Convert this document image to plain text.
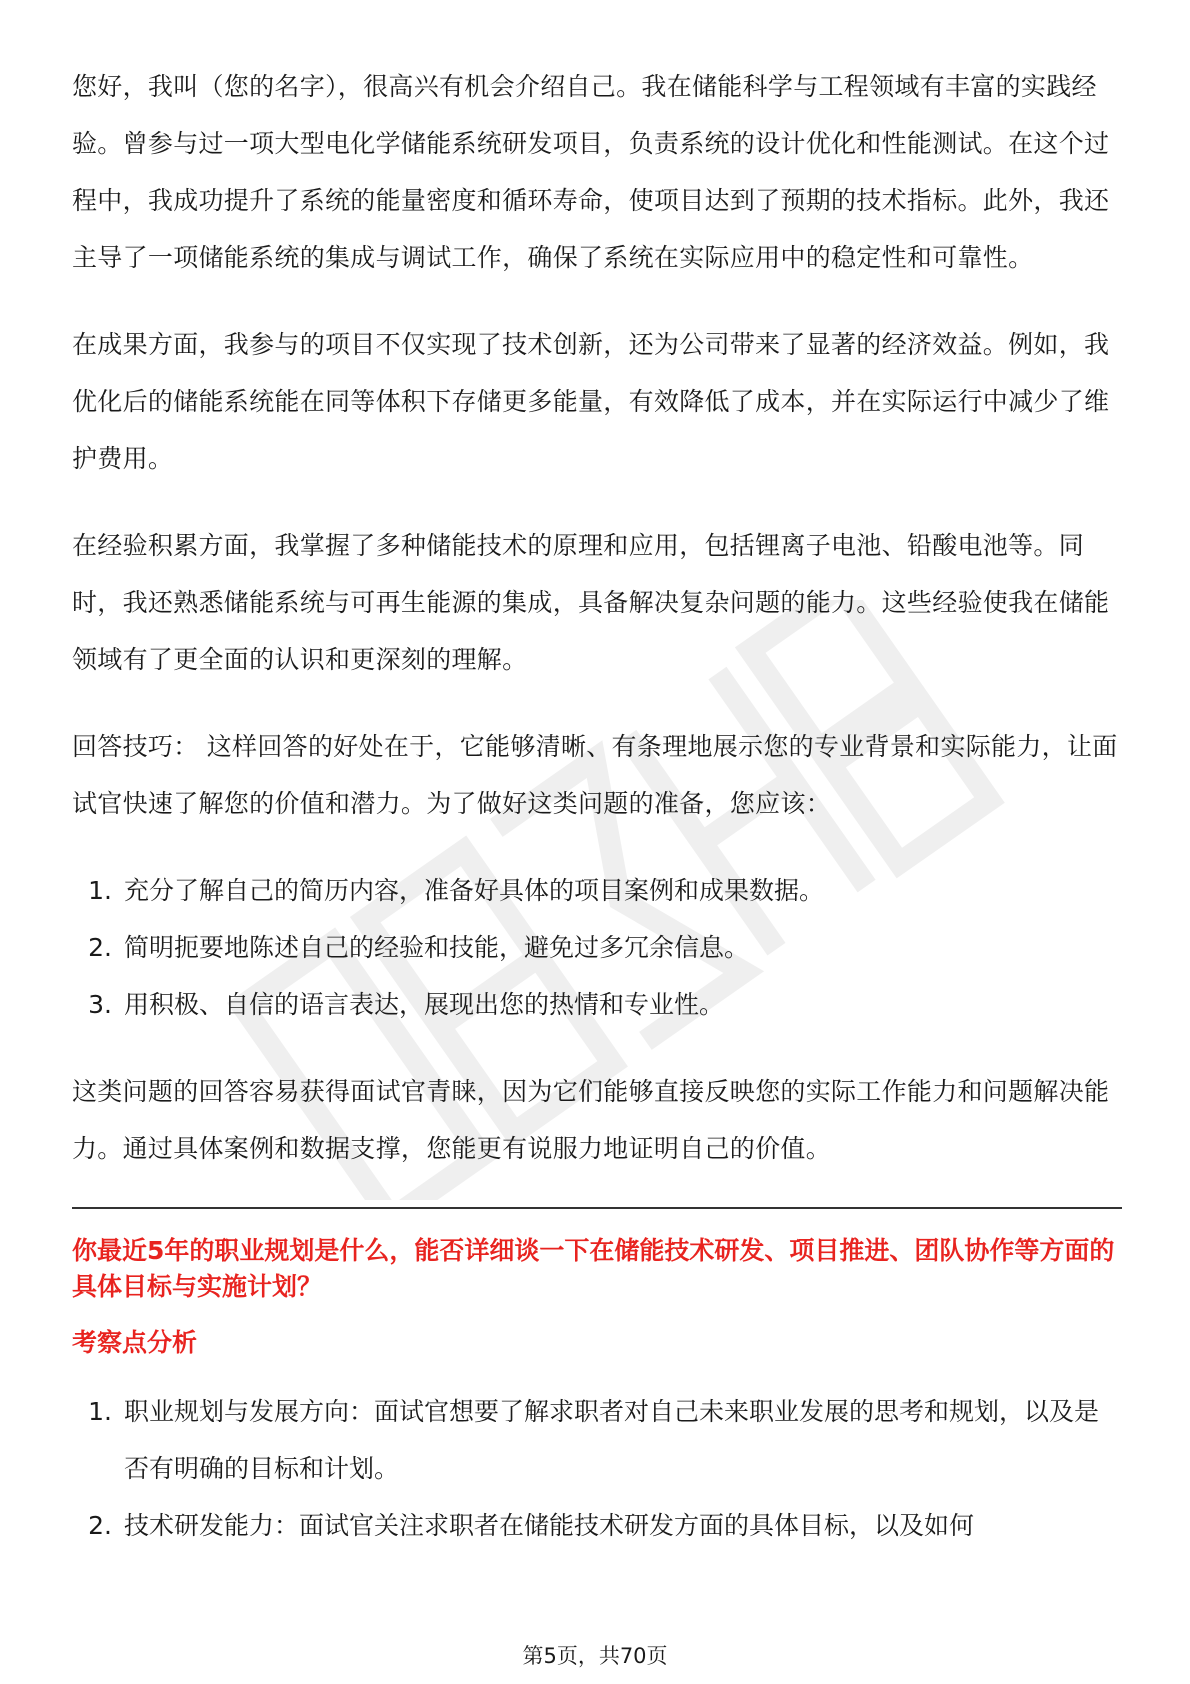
您好，我叫（您的名字），很高兴有机会介绍自己。我在储能科学与工程领域有丰富的实践经验。曾参与过一项大型电化学储能系统研发项目，负责系统的设计优化和性能测试。在这个过程中，我成功提升了系统的能量密度和循环寿命，使项目达到了预期的技术指标。此外，我还主导了一项储能系统的集成与调试工作，确保了系统在实际应用中的稳定性和可靠性。

在成果方面，我参与的项目不仅实现了技术创新，还为公司带来了显著的经济效益。例如，我优化后的储能系统能在同等体积下存储更多能量，有效降低了成本，并在实际运行中减少了维护费用。

在经验积累方面，我掌握了多种储能技术的原理和应用，包括锂离子电池、铅酸电池等。同时，我还熟悉储能系统与可再生能源的集成，具备解决复杂问题的能力。这些经验使我在储能领域有了更全面的认识和更深刻的理解。

回答技巧： 这样回答的好处在于，它能够清晰、有条理地展示您的专业背景和实际能力，让面试官快速了解您的价值和潜力。为了做好这类问题的准备，您应该：

1. 充分了解自己的简历内容，准备好具体的项目案例和成果数据。
2. 简明扼要地陈述自己的经验和技能，避免过多冗余信息。
3. 用积极、自信的语言表达，展现出您的热情和专业性。

这类问题的回答容易获得面试官青睐，因为它们能够直接反映您的实际工作能力和问题解决能力。通过具体案例和数据支撑，您能更有说服力地证明自己的价值。

你最近5年的职业规划是什么，能否详细谈一下在储能技术研发、项目推进、团队协作等方面的具体目标与实施计划？

考察点分析

1. 职业规划与发展方向：面试官想要了解求职者对自己未来职业发展的思考和规划，以及是否有明确的目标和计划。
2. 技术研发能力：面试官关注求职者在储能技术研发方面的具体目标，以及如何
第5页，共70页
